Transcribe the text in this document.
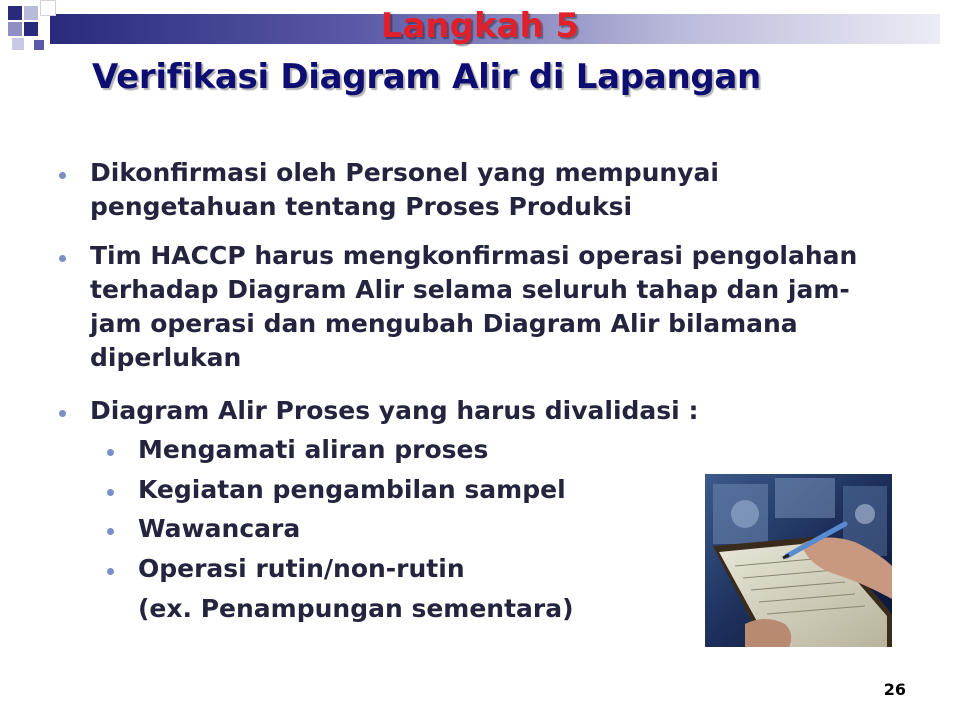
Langkah 5
Verifikasi Diagram Alir di Lapangan
Dikonfirmasi oleh Personel yang mempunyai
pengetahuan tentang Proses Produksi
Tim HACCP harus mengkonfirmasi operasi pengolahan
terhadap Diagram Alir selama seluruh tahap dan jam-
jam operasi dan mengubah Diagram Alir bilamana
diperlukan
Diagram Alir Proses yang harus divalidasi :
Mengamati aliran proses
Kegiatan pengambilan sampel
Wawancara
Operasi rutin/non-rutin
(ex. Penampungan sementara)
26
